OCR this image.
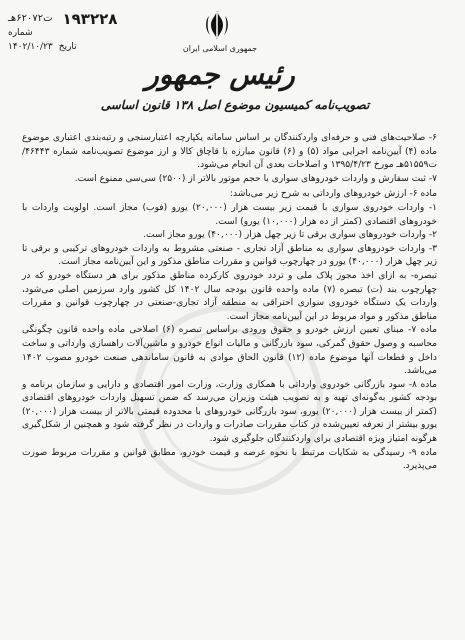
۱۹۳۲۲۸
ت۶۲۰۷۲هـ
شماره
تاریخ
۱۴۰۲/۱۰/۲۳	جمهوری اسلامی ایران
رئیس جمهور
تصویب‌نامه کمیسیون موضوع اصل ۱۳۸ قانون اساسی

۶- صلاحیت‌های فنی و حرفه‌ای واردکنندگان بر اساس سامانه یکپارچه اعتبارسنجی و رتبه‌بندی اعتباری موضوع ماده (۴) آیین‌نامه اجرایی مواد (۵) و (۶) قانون مبارزه با قاچاق کالا و ارز موضوع تصویب‌نامه شماره ۴۶۴۴۳/ت۵۱۵۵۹هـ مورخ ۱۳۹۵/۴/۲۳ و اصلاحات بعدی آن انجام می‌شود.

۷- ثبت سفارش و واردات خودروهای سواری با حجم موتور بالاتر از (۲۵۰۰) سی‌سی ممنوع است.

ماده ۶- ارزش خودروهای وارداتی به شرح زیر می‌باشد:

۱- واردات خودروی سواری با قیمت زیر بیست هزار (۲۰,۰۰۰) یورو (فوب) مجاز است. اولویت واردات با خودروهای اقتصادی (کمتر از ده هزار (۱۰,۰۰۰) یورو) است.

۲- واردات خودروهای سواری برقی تا زیر چهل هزار (۴۰,۰۰۰) یورو مجاز است.

۳- واردات خودروهای سواری به مناطق آزاد تجاری - صنعتی مشروط به واردات خودروهای ترکیبی و برقی تا زیر چهل هزار (۴۰,۰۰۰) یورو در چهارچوب قوانین و مقررات مناطق مذکور و این آیین‌نامه مجاز است.

تبصره- به ازای اخذ مجوز پلاک ملی و تردد خودروی کارکرده مناطق مذکور برای هر دستگاه خودرو که در چهارچوب بند (ت) تبصره (۷) ماده واحده قانون بودجه سال ۱۴۰۲ کل کشور وارد سرزمین اصلی می‌شود، واردات یک دستگاه خودروی سواری احتراقی به منطقه آزاد تجاری-صنعتی در چهارچوب قوانین و مقررات مناطق مذکور و مواد مربوط در این آیین‌نامه مجاز است.

ماده ۷- مبنای تعیین ارزش خودرو و حقوق ورودی براساس تبصره (۶) اصلاحی ماده واحده قانون چگونگی محاسبه و وصول حقوق گمرکی، سود بازرگانی و مالیات انواع خودرو و ماشین‌آلات راهسازی وارداتی و ساخت داخل و قطعات آنها موضوع ماده (۱۲) قانون الحاق موادی به قانون ساماندهی صنعت خودرو مصوب ۱۴۰۲ می‌باشد.

ماده ۸- سود بازرگانی خودروی وارداتی با همکاری وزارت، وزارت امور اقتصادی و دارایی و سازمان برنامه و بودجه کشور به‌گونه‌ای تهیه و به تصویب هیئت وزیران می‌رسد که ضمن تسهیل واردات خودروهای اقتصادی (کمتر از بیست هزار (۲۰,۰۰۰) یورو، سود بازرگانی خودروهای با محدوده قیمتی بالاتر از بیست هزار (۲۰,۰۰۰) یورو بیشتر از تعرفه تعیین‌شده در کتاب مقررات صادرات و واردات در نظر گرفته شود و همچنین از شکل‌گیری هرگونه امتیاز ویژه اقتصادی برای واردکنندگان جلوگیری شود.

ماده ۹- رسیدگی به شکایات مرتبط با نحوه عرضه و قیمت خودرو، مطابق قوانین و مقررات مربوط صورت می‌پذیرد.
